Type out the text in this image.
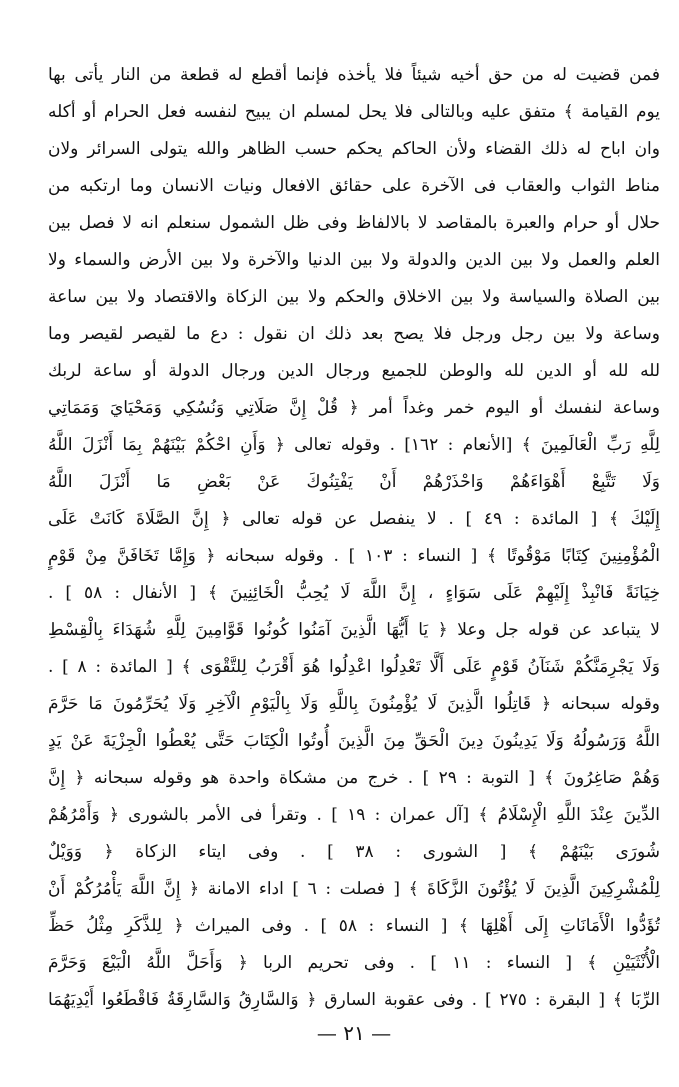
فمن قضيت له من حق أخيه شيئاً فلا يأخذه فإنما أقطع له قطعة من النار يأتى بها
يوم القيامة ﴾ متفق عليه وبالتالى فلا يحل لمسلم ان يبيح لنفسه فعل الحرام أو أكله
وان اباح له ذلك القضاء ولأن الحاكم يحكم حسب الظاهر والله يتولى السرائر ولان
مناط الثواب والعقاب فى الآخرة على حقائق الافعال ونيات الانسان وما ارتكبه من
حلال أو حرام والعبرة بالمقاصد لا بالالفاظ وفى ظل الشمول سنعلم انه لا فصل بين
العلم والعمل ولا بين الدين والدولة ولا بين الدنيا والآخرة ولا بين الأرض والسماء ولا
بين الصلاة والسياسة ولا بين الاخلاق والحكم ولا بين الزكاة والاقتصاد ولا بين ساعة
وساعة ولا بين رجل ورجل فلا يصح بعد ذلك ان نقول : دع ما لقيصر لقيصر وما
لله لله أو الدين لله والوطن للجميع ورجال الدين ورجال الدولة أو ساعة لربك
وساعة لنفسك أو اليوم خمر وغداً أمر ﴿ قُلْ إِنَّ صَلَاتِي وَنُسُكِي وَمَحْيَايَ وَمَمَاتِي
لِلَّهِ رَبِّ الْعَالَمِينَ ﴾ [الأنعام : ١٦٢] . وقوله تعالى ﴿ وَأَنِ احْكُمْ بَيْنَهُمْ بِمَا أَنْزَلَ اللَّهُ
وَلَا تَتَّبِعْ أَهْوَاءَهُمْ وَاحْذَرْهُمْ أَنْ يَفْتِنُوكَ عَنْ بَعْضِ مَا أَنْزَلَ اللَّهُ
إِلَيْكَ ﴾ [ المائدة : ٤٩ ] . لا ينفصل عن قوله تعالى ﴿ إِنَّ الصَّلَاةَ كَانَتْ عَلَى
الْمُؤْمِنِينَ كِتَابًا مَوْقُوتًا ﴾ [ النساء : ١٠٣ ] . وقوله سبحانه ﴿ وَإِمَّا تَخَافَنَّ مِنْ قَوْمٍ
خِيَانَةً فَانْبِذْ إِلَيْهِمْ عَلَى سَوَاءٍ ، إِنَّ اللَّهَ لَا يُحِبُّ الْخَائِنِينَ ﴾ [ الأنفال : ٥٨ ] .
لا يتباعد عن قوله جل وعلا ﴿ يَا أَيُّهَا الَّذِينَ آمَنُوا كُونُوا قَوَّامِينَ لِلَّهِ شُهَدَاءَ بِالْقِسْطِ
وَلَا يَجْرِمَنَّكُمْ شَنَآنُ قَوْمٍ عَلَى أَلَّا تَعْدِلُوا اعْدِلُوا هُوَ أَقْرَبُ لِلتَّقْوَى ﴾ [ المائدة : ٨ ] .
وقوله سبحانه ﴿ قَاتِلُوا الَّذِينَ لَا يُؤْمِنُونَ بِاللَّهِ وَلَا بِالْيَوْمِ الْآخِرِ وَلَا يُحَرِّمُونَ مَا حَرَّمَ
اللَّهُ وَرَسُولُهُ وَلَا يَدِينُونَ دِينَ الْحَقِّ مِنَ الَّذِينَ أُوتُوا الْكِتَابَ حَتَّى يُعْطُوا الْجِزْيَةَ عَنْ يَدٍ
وَهُمْ صَاغِرُونَ ﴾ [ التوبة : ٢٩ ] . خرج من مشكاة واحدة هو وقوله سبحانه ﴿ إِنَّ
الدِّينَ عِنْدَ اللَّهِ الْإِسْلَامُ ﴾ [آل عمران : ١٩ ] . وتقرأ فى الأمر بالشورى ﴿ وَأَمْرُهُمْ
شُورَى بَيْنَهُمْ ﴾ [ الشورى : ٣٨ ] . وفى ايتاء الزكاة ﴿ وَوَيْلٌ
لِلْمُشْرِكِينَ الَّذِينَ لَا يُؤْتُونَ الزَّكَاةَ ﴾ [ فصلت : ٦ ] اداء الامانة ﴿ إِنَّ اللَّهَ يَأْمُرُكُمْ أَنْ
تُؤَدُّوا الْأَمَانَاتِ إِلَى أَهْلِهَا ﴾ [ النساء : ٥٨ ] . وفى الميراث ﴿ لِلذَّكَرِ مِثْلُ حَظِّ
الْأُنْثَيَيْنِ ﴾ [ النساء : ١١ ] . وفى تحريم الربا ﴿ وَأَحَلَّ اللَّهُ الْبَيْعَ وَحَرَّمَ
الرِّبَا ﴾ [ البقرة : ٢٧٥ ] . وفى عقوبة السارق ﴿ وَالسَّارِقُ وَالسَّارِقَةُ فَاقْطَعُوا أَيْدِيَهُمَا
— ٢١ —
